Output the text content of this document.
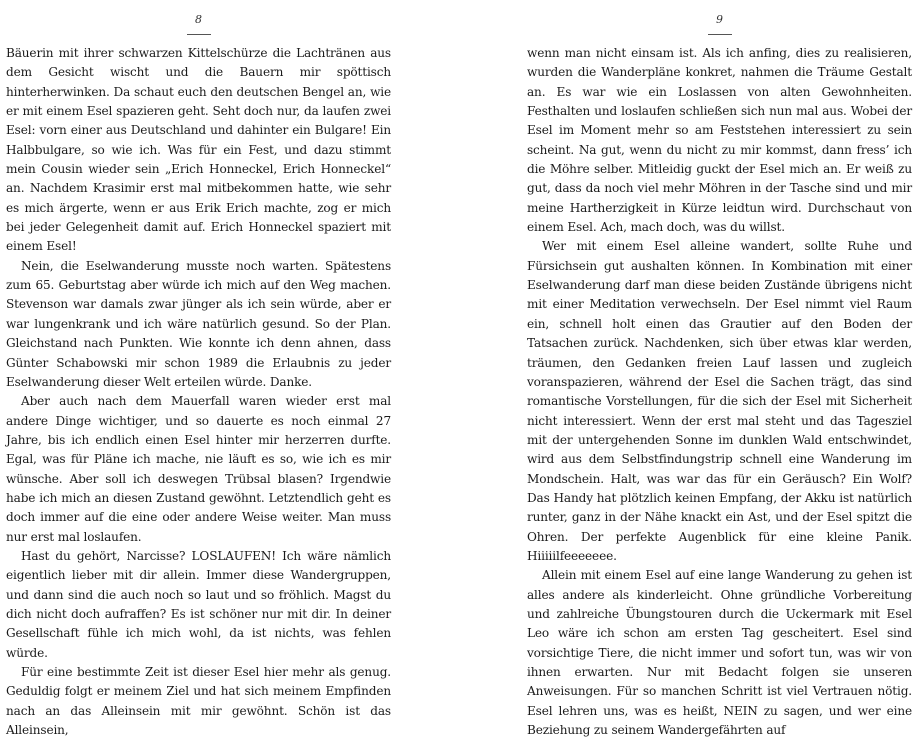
8

Bäuerin mit ihrer schwarzen Kittelschürze die Lachtränen aus dem Gesicht wischt und die Bauern mir spöttisch hinterherwinken. Da schaut euch den deutschen Bengel an, wie er mit einem Esel spazieren geht. Seht doch nur, da laufen zwei Esel: vorn einer aus Deutschland und dahinter ein Bulgare! Ein Halbbulgare, so wie ich. Was für ein Fest, und dazu stimmt mein Cousin wieder sein „Erich Honneckel, Erich Honneckel“ an. Nachdem Krasimir erst mal mitbekommen hatte, wie sehr es mich ärgerte, wenn er aus Erik Erich machte, zog er mich bei jeder Gelegenheit damit auf. Erich Honneckel spaziert mit einem Esel!

Nein, die Eselwanderung musste noch warten. Spätestens zum 65. Geburtstag aber würde ich mich auf den Weg machen. Stevenson war damals zwar jünger als ich sein würde, aber er war lungenkrank und ich wäre natürlich gesund. So der Plan. Gleichstand nach Punkten. Wie konnte ich denn ahnen, dass Günter Schabowski mir schon 1989 die Erlaubnis zu jeder Eselwanderung dieser Welt erteilen würde. Danke.

Aber auch nach dem Mauerfall waren wieder erst mal andere Dinge wichtiger, und so dauerte es noch einmal 27 Jahre, bis ich endlich einen Esel hinter mir herzerren durfte. Egal, was für Pläne ich mache, nie läuft es so, wie ich es mir wünsche. Aber soll ich deswegen Trübsal blasen? Irgendwie habe ich mich an diesen Zustand gewöhnt. Letztendlich geht es doch immer auf die eine oder andere Weise weiter. Man muss nur erst mal loslaufen.

Hast du gehört, Narcisse? LOSLAUFEN! Ich wäre nämlich eigentlich lieber mit dir allein. Immer diese Wandergruppen, und dann sind die auch noch so laut und so fröhlich. Magst du dich nicht doch aufraffen? Es ist schöner nur mit dir. In deiner Gesellschaft fühle ich mich wohl, da ist nichts, was fehlen würde.

Für eine bestimmte Zeit ist dieser Esel hier mehr als genug. Geduldig folgt er meinem Ziel und hat sich meinem Empfinden nach an das Alleinsein mit mir gewöhnt. Schön ist das Alleinsein,

9

wenn man nicht einsam ist. Als ich anfing, dies zu realisieren, wurden die Wanderpläne konkret, nahmen die Träume Gestalt an. Es war wie ein Loslassen von alten Gewohnheiten. Festhalten und loslaufen schließen sich nun mal aus. Wobei der Esel im Moment mehr so am Feststehen interessiert zu sein scheint. Na gut, wenn du nicht zu mir kommst, dann fress’ ich die Möhre selber. Mitleidig guckt der Esel mich an. Er weiß zu gut, dass da noch viel mehr Möhren in der Tasche sind und mir meine Hartherzigkeit in Kürze leidtun wird. Durchschaut von einem Esel. Ach, mach doch, was du willst.

Wer mit einem Esel alleine wandert, sollte Ruhe und Fürsichsein gut aushalten können. In Kombination mit einer Eselwanderung darf man diese beiden Zustände übrigens nicht mit einer Meditation verwechseln. Der Esel nimmt viel Raum ein, schnell holt einen das Grautier auf den Boden der Tatsachen zurück. Nachdenken, sich über etwas klar werden, träumen, den Gedanken freien Lauf lassen und zugleich voranspazieren, während der Esel die Sachen trägt, das sind romantische Vorstellungen, für die sich der Esel mit Sicherheit nicht interessiert. Wenn der erst mal steht und das Tagesziel mit der untergehenden Sonne im dunklen Wald entschwindet, wird aus dem Selbstfindungstrip schnell eine Wanderung im Mondschein. Halt, was war das für ein Geräusch? Ein Wolf? Das Handy hat plötzlich keinen Empfang, der Akku ist natürlich runter, ganz in der Nähe knackt ein Ast, und der Esel spitzt die Ohren. Der perfekte Augenblick für eine kleine Panik. Hiiiiilfeeeeeee.

Allein mit einem Esel auf eine lange Wanderung zu gehen ist alles andere als kinderleicht. Ohne gründliche Vorbereitung und zahlreiche Übungstouren durch die Uckermark mit Esel Leo wäre ich schon am ersten Tag gescheitert. Esel sind vorsichtige Tiere, die nicht immer und sofort tun, was wir von ihnen erwarten. Nur mit Bedacht folgen sie unseren Anweisungen. Für so manchen Schritt ist viel Vertrauen nötig. Esel lehren uns, was es heißt, NEIN zu sagen, und wer eine Beziehung zu seinem Wandergefährten auf
